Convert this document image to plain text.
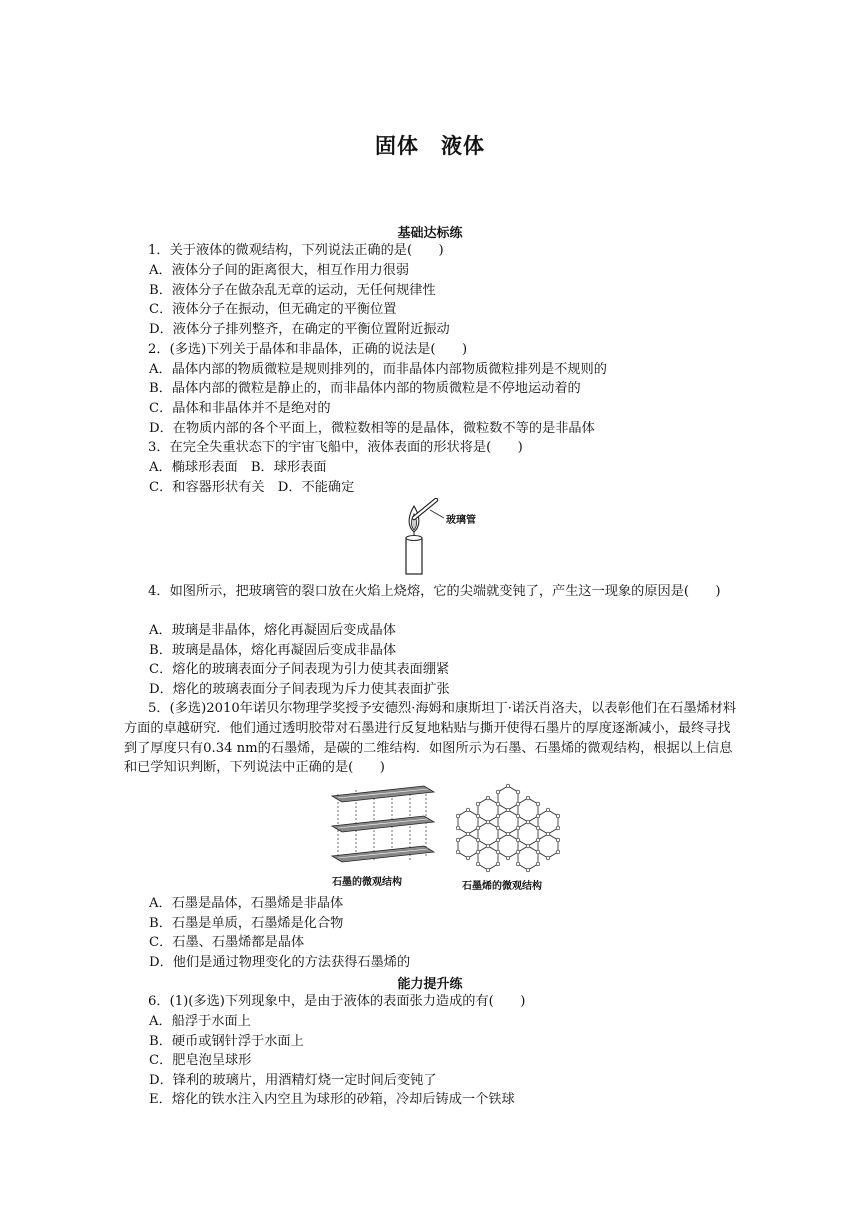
固体　液体
基础达标练
1．关于液体的微观结构，下列说法正确的是(　　)
A．液体分子间的距离很大，相互作用力很弱
B．液体分子在做杂乱无章的运动，无任何规律性
C．液体分子在振动，但无确定的平衡位置
D．液体分子排列整齐，在确定的平衡位置附近振动
2．(多选)下列关于晶体和非晶体，正确的说法是(　　)
A．晶体内部的物质微粒是规则排列的，而非晶体内部物质微粒排列是不规则的
B．晶体内部的微粒是静止的，而非晶体内部的物质微粒是不停地运动着的
C．晶体和非晶体并不是绝对的
D．在物质内部的各个平面上，微粒数相等的是晶体，微粒数不等的是非晶体
3．在完全失重状态下的宇宙飞船中，液体表面的形状将是(　　)
A．椭球形表面　B．球形表面
C．和容器形状有关　D．不能确定
玻璃管
4．如图所示，把玻璃管的裂口放在火焰上烧熔，它的尖端就变钝了，产生这一现象的原因是(　　)
A．玻璃是非晶体，熔化再凝固后变成晶体
B．玻璃是晶体，熔化再凝固后变成非晶体
C．熔化的玻璃表面分子间表现为引力使其表面绷紧
D．熔化的玻璃表面分子间表现为斥力使其表面扩张
5．(多选)2010年诺贝尔物理学奖授予安德烈·海姆和康斯坦丁·诺沃肖洛夫，以表彰他们在石墨烯材料方面的卓越研究．他们通过透明胶带对石墨进行反复地粘贴与撕开使得石墨片的厚度逐渐减小，最终寻找到了厚度只有0.34 nm的石墨烯，是碳的二维结构．如图所示为石墨、石墨烯的微观结构，根据以上信息和已学知识判断，下列说法中正确的是(　　)
石墨的微观结构	石墨烯的微观结构
A．石墨是晶体，石墨烯是非晶体
B．石墨是单质，石墨烯是化合物
C．石墨、石墨烯都是晶体
D．他们是通过物理变化的方法获得石墨烯的
能力提升练
6．(1)(多选)下列现象中，是由于液体的表面张力造成的有(　　)
A．船浮于水面上
B．硬币或钢针浮于水面上
C．肥皂泡呈球形
D．锋利的玻璃片，用酒精灯烧一定时间后变钝了
E．熔化的铁水注入内空且为球形的砂箱，冷却后铸成一个铁球
